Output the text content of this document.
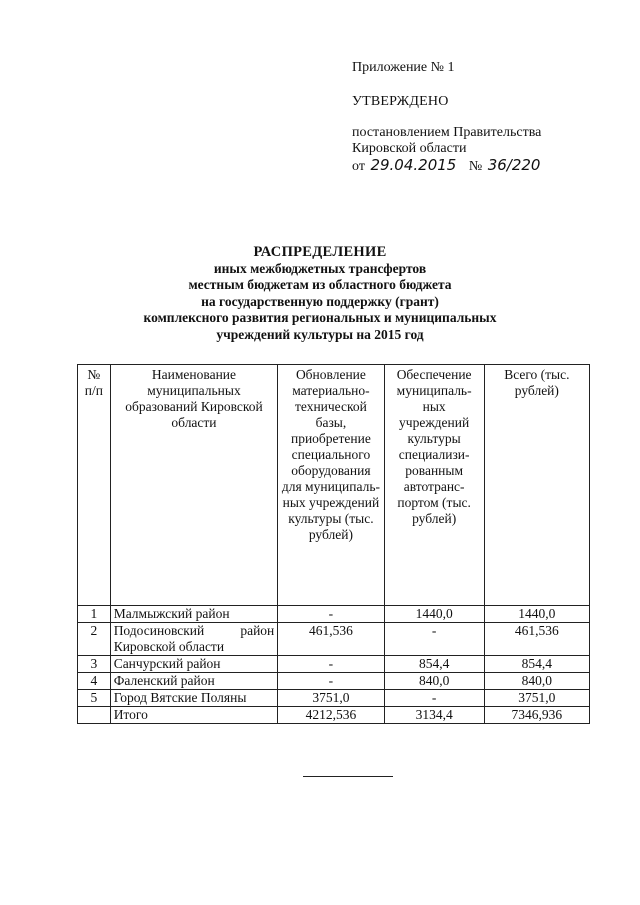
Приложение № 1
УТВЕРЖДЕНО
постановлением Правительства
Кировской области
от 29.04.2015 № 36/220
РАСПРЕДЕЛЕНИЕ
иных межбюджетных трансфертов
местным бюджетам из областного бюджета
на государственную поддержку (грант)
комплексного развития региональных и муниципальных
учреждений культуры на 2015 год
№ п/п	Наименование муниципальных образований Кировской области	Обновление материально-технической базы, приобретение специального оборудования для муниципаль-ных учреждений культуры (тыс. рублей)	Обеспечение муниципаль-ных учреждений культуры специализи-рованным автотранс-портом (тыс. рублей)	Всего (тыс. рублей)
1	Малмыжский район	-	1440,0	1440,0
2	Подосиновский район Кировской области	461,536	-	461,536
3	Санчурский район	-	854,4	854,4
4	Фаленский район	-	840,0	840,0
5	Город Вятские Поляны	3751,0	-	3751,0
	Итого	4212,536	3134,4	7346,936
